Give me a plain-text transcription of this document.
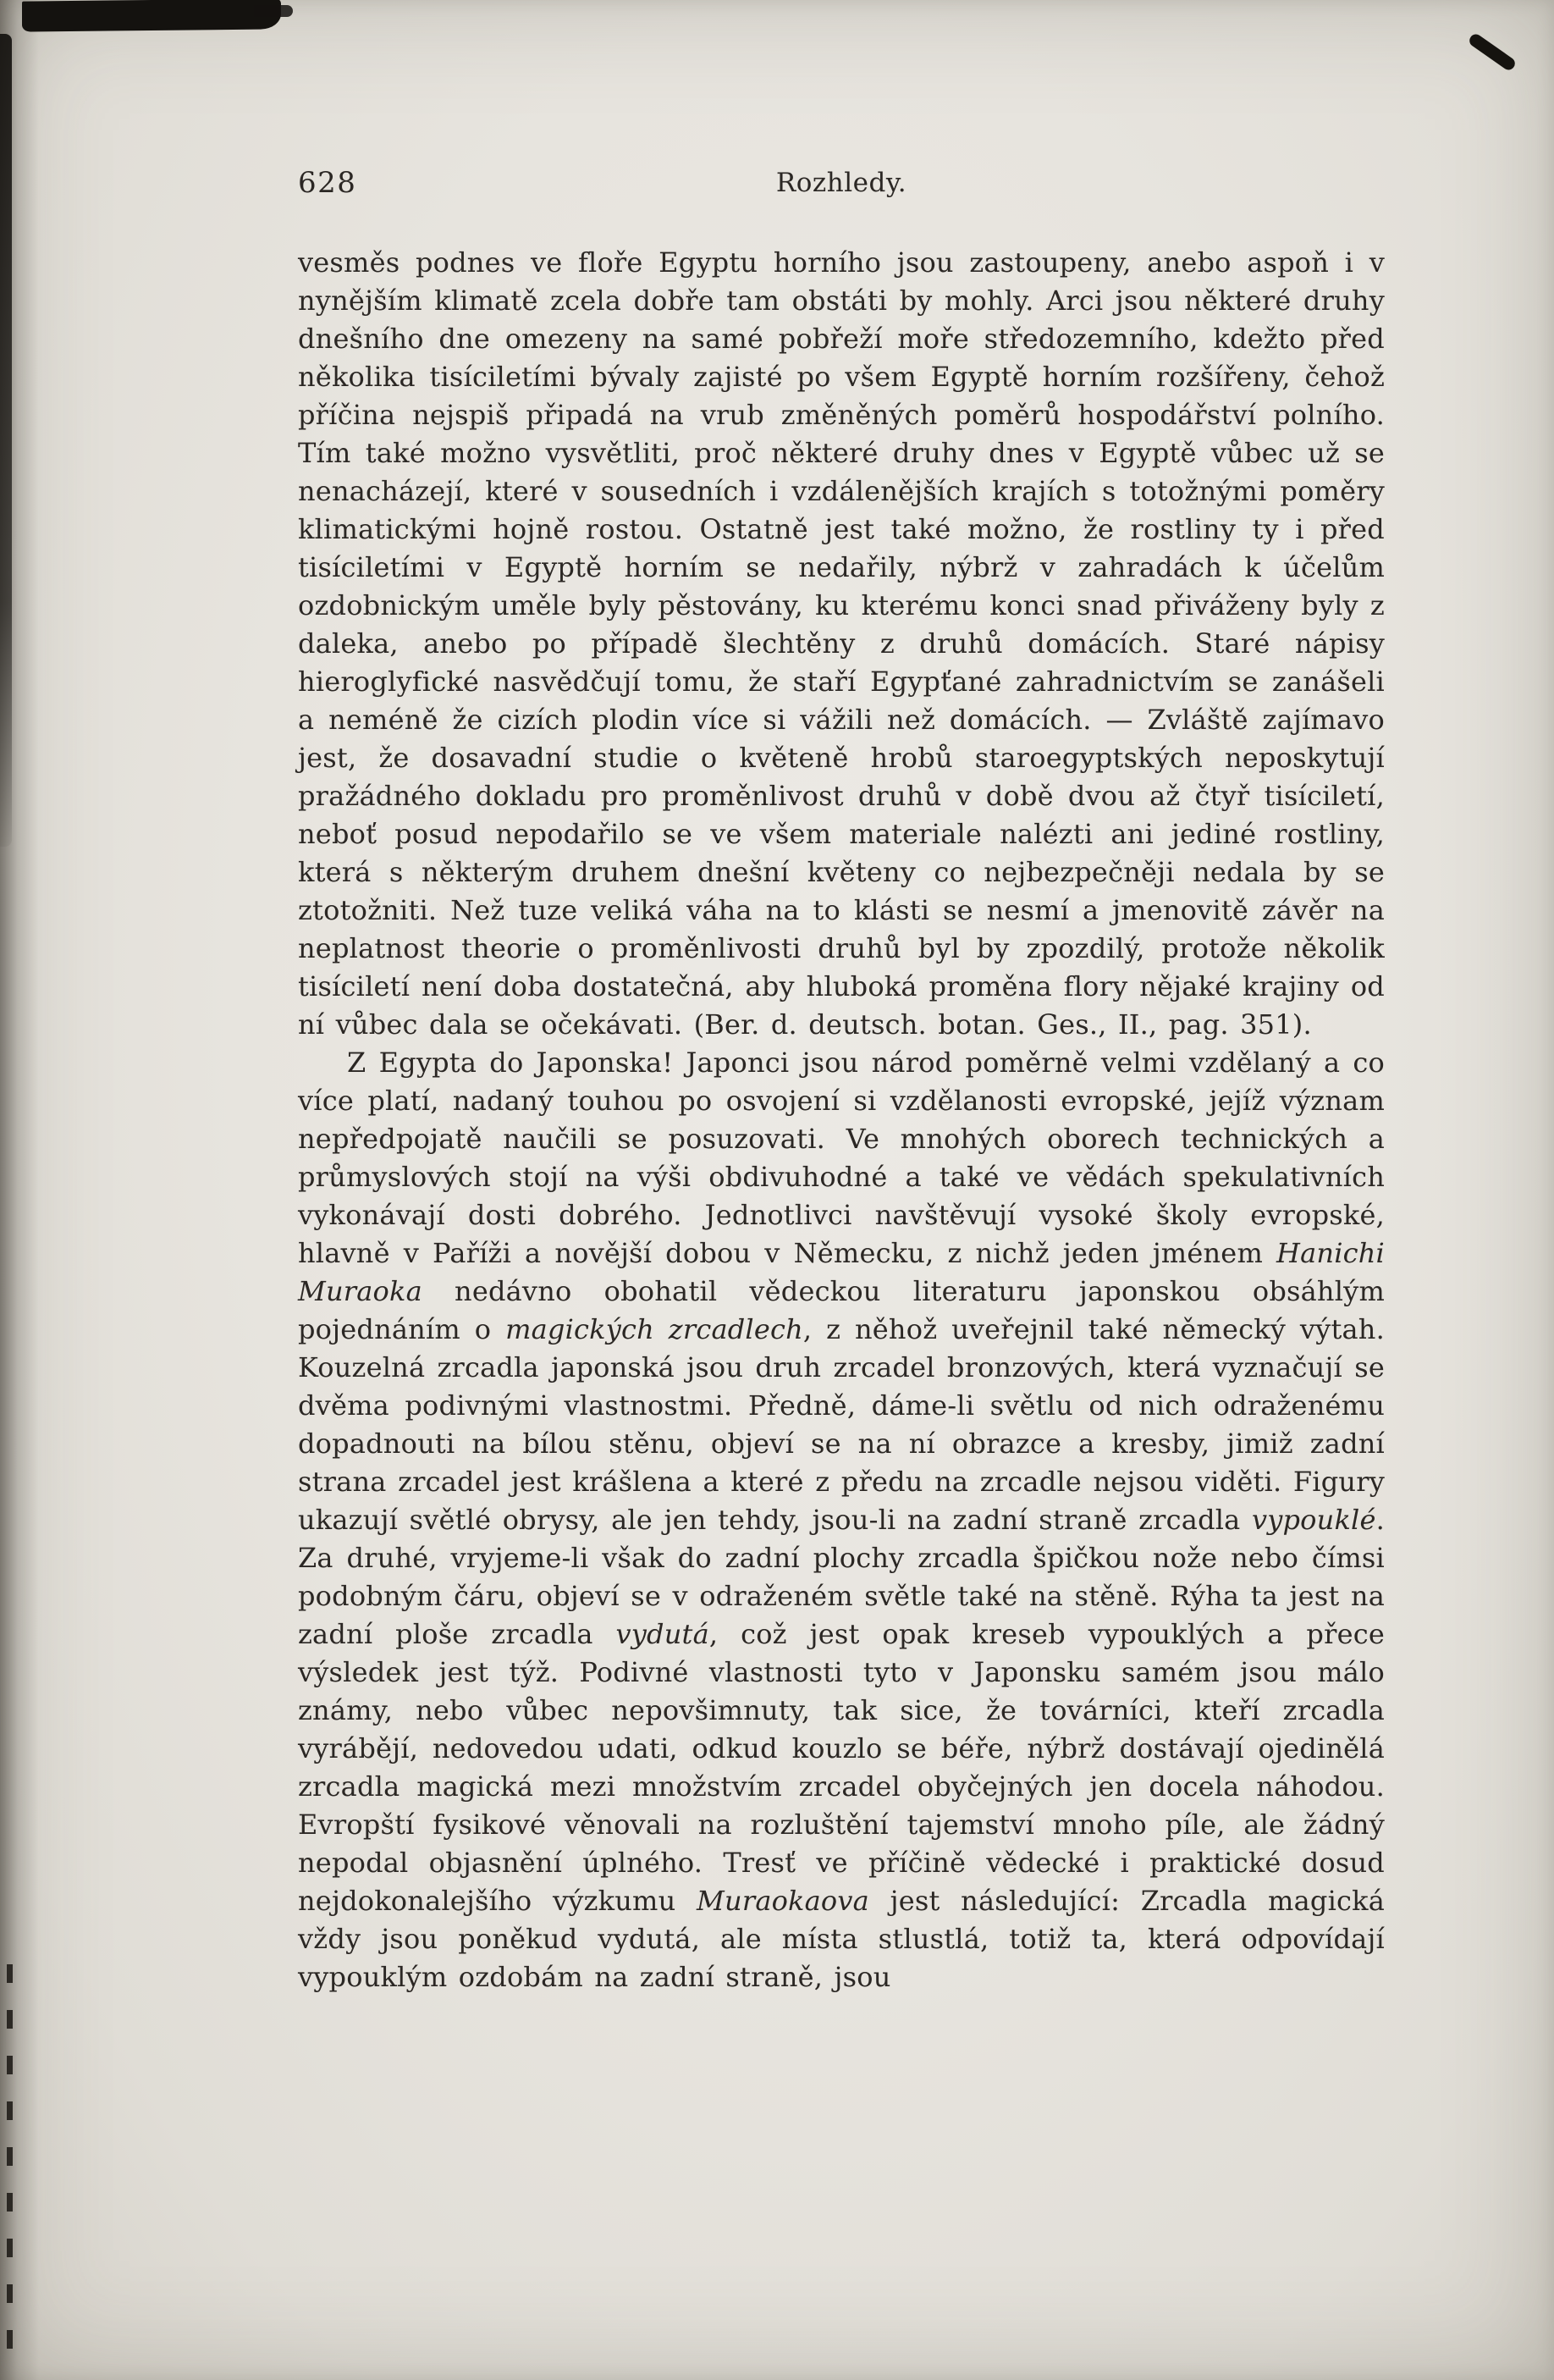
628	Rozhledy.

vesměs podnes ve floře Egyptu horního jsou zastoupeny, anebo aspoň i v nynějším klimatě zcela dobře tam obstáti by mohly. Arci jsou některé druhy dnešního dne omezeny na samé pobřeží moře středozemního, kdežto před několika tisíciletími bývaly zajisté po všem Egyptě horním rozšířeny, čehož příčina nejspiš připadá na vrub změněných poměrů hospodářství polního. Tím také možno vysvětliti, proč některé druhy dnes v Egyptě vůbec už se nenacházejí, které v sousedních i vzdálenějších krajích s totožnými poměry klimatickými hojně rostou. Ostatně jest také možno, že rostliny ty i před tisíciletími v Egyptě horním se nedařily, nýbrž v zahradách k účelům ozdobnickým uměle byly pěstovány, ku kterému konci snad přiváženy byly z daleka, anebo po případě šlechtěny z druhů domácích. Staré nápisy hieroglyfické nasvědčují tomu, že staří Egypťané zahradnictvím se zanášeli a neméně že cizích plodin více si vážili než domácích. — Zvláště zajímavo jest, že dosavadní studie o květeně hrobů staroegyptských neposkytují pražádného dokladu pro proměnlivost druhů v době dvou až čtyř tisíciletí, neboť posud nepodařilo se ve všem materiale nalézti ani jediné rostliny, která s některým druhem dnešní květeny co nejbezpečněji nedala by se ztotožniti. Než tuze veliká váha na to klásti se nesmí a jmenovitě závěr na neplatnost theorie o proměnlivosti druhů byl by zpozdilý, protože několik tisíciletí není doba dostatečná, aby hluboká proměna flory nějaké krajiny od ní vůbec dala se očekávati. (Ber. d. deutsch. botan. Ges., II., pag. 351).

Z Egypta do Japonska! Japonci jsou národ poměrně velmi vzdělaný a co více platí, nadaný touhou po osvojení si vzdělanosti evropské, jejíž význam nepředpojatě naučili se posuzovati. Ve mnohých oborech technických a průmyslových stojí na výši obdivuhodné a také ve vědách spekulativních vykonávají dosti dobrého. Jednotlivci navštěvují vysoké školy evropské, hlavně v Paříži a novější dobou v Německu, z nichž jeden jménem Hanichi Muraoka nedávno obohatil vědeckou literaturu japonskou obsáhlým pojednáním o magických zrcadlech, z něhož uveřejnil také německý výtah. Kouzelná zrcadla japonská jsou druh zrcadel bronzových, která vyznačují se dvěma podivnými vlastnostmi. Předně, dáme-li světlu od nich odraženému dopadnouti na bílou stěnu, objeví se na ní obrazce a kresby, jimiž zadní strana zrcadel jest krášlena a které z předu na zrcadle nejsou viděti. Figury ukazují světlé obrysy, ale jen tehdy, jsou-li na zadní straně zrcadla vypouklé. Za druhé, vryjeme-li však do zadní plochy zrcadla špičkou nože nebo čímsi podobným čáru, objeví se v odraženém světle také na stěně. Rýha ta jest na zadní ploše zrcadla vydutá, což jest opak kreseb vypouklých a přece výsledek jest týž. Podivné vlastnosti tyto v Japonsku samém jsou málo známy, nebo vůbec nepovšimnuty, tak sice, že továrníci, kteří zrcadla vyrábějí, nedovedou udati, odkud kouzlo se béře, nýbrž dostávají ojedinělá zrcadla magická mezi množstvím zrcadel obyčejných jen docela náhodou. Evropští fysikové věnovali na rozluštění tajemství mnoho píle, ale žádný nepodal objasnění úplného. Tresť ve příčině vědecké i praktické dosud nejdokonalejšího výzkumu Muraokaova jest následující: Zrcadla magická vždy jsou poněkud vydutá, ale místa stlustlá, totiž ta, která odpovídají vypouklým ozdobám na zadní straně, jsou
